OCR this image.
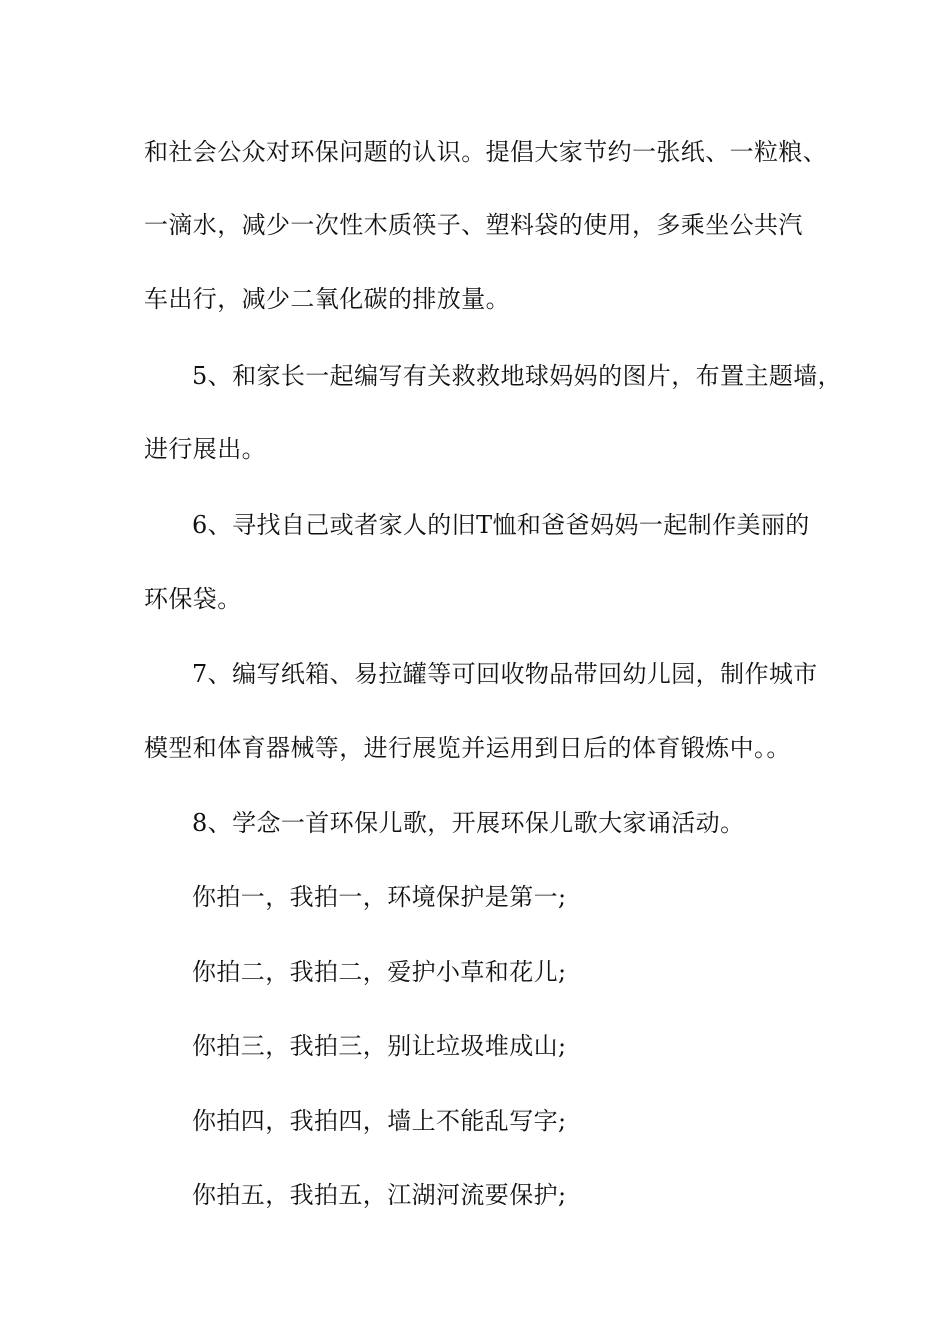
和社会公众对环保问题的认识。提倡大家节约一张纸、一粒粮、
一滴水，减少一次性木质筷子、塑料袋的使用，多乘坐公共汽
车出行，减少二氧化碳的排放量。
5、和家长一起编写有关救救地球妈妈的图片，布置主题墙，
进行展出。
6、寻找自己或者家人的旧T恤和爸爸妈妈一起制作美丽的
环保袋。
7、编写纸箱、易拉罐等可回收物品带回幼儿园，制作城市
模型和体育器械等，进行展览并运用到日后的体育锻炼中。。
8、学念一首环保儿歌，开展环保儿歌大家诵活动。
你拍一，我拍一，环境保护是第一;
你拍二，我拍二，爱护小草和花儿;
你拍三，我拍三，别让垃圾堆成山;
你拍四，我拍四，墙上不能乱写字;
你拍五，我拍五，江湖河流要保护;
